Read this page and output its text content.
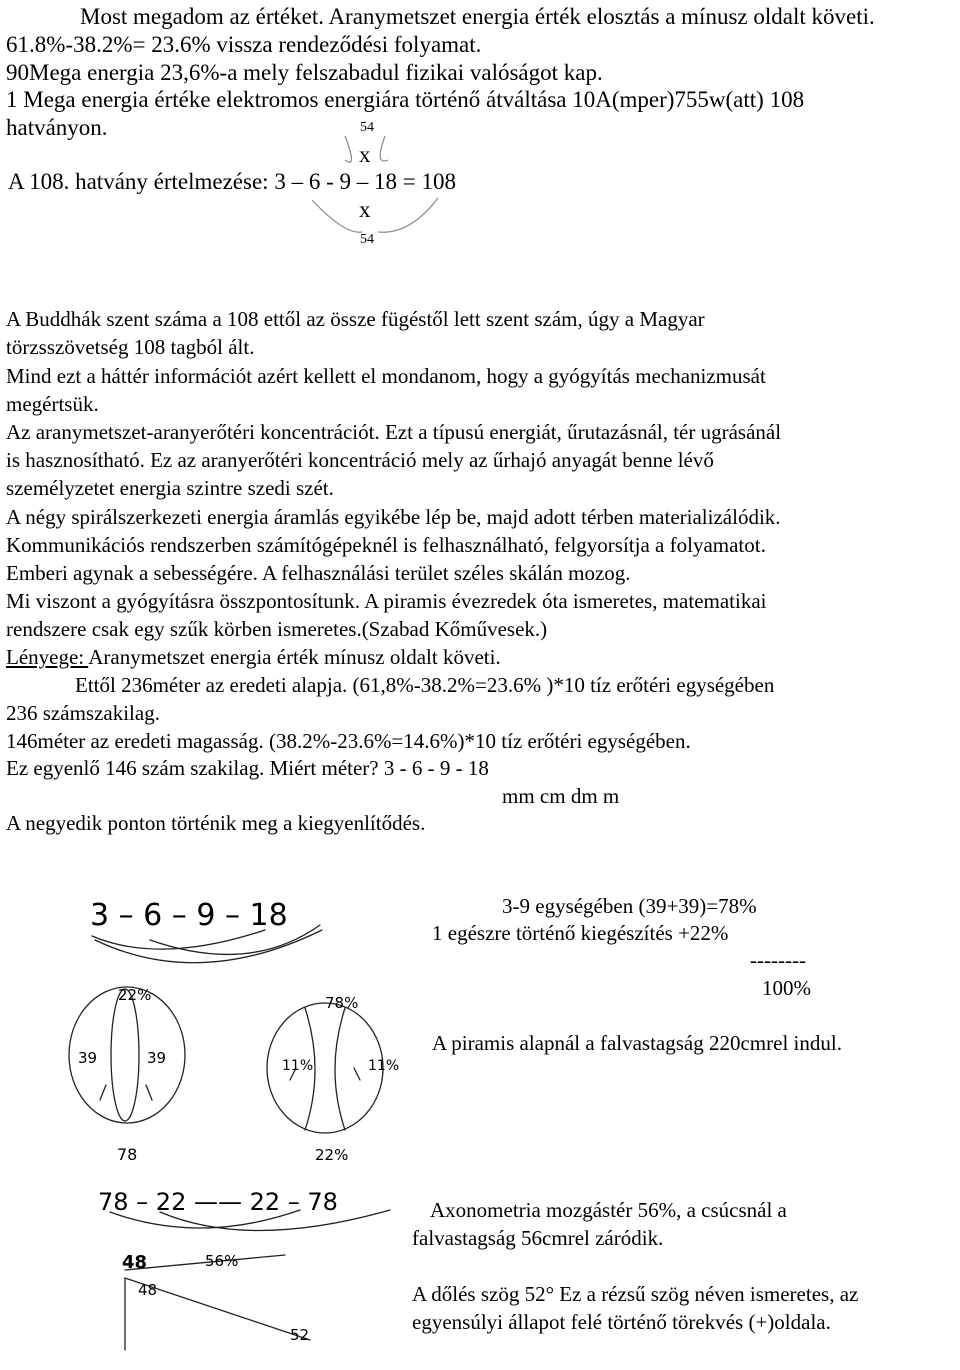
Most megadom az értéket. Aranymetszet energia érték elosztás a mínusz oldalt követi.
61.8%-38.2%= 23.6% vissza rendeződési folyamat.
90Mega energia 23,6%-a mely felszabadul fizikai valóságot kap.
1 Mega energia értéke elektromos energiára történő átváltása 10A(mper)755w(att) 108
hatványon.	54
x
A 108. hatvány értelmezése: 3 – 6 - 9 – 18 = 108
x
54
A Buddhák szent száma a 108 ettől az össze fügéstől lett szent szám, úgy a Magyar
törzsszövetség 108 tagból ált.
Mind ezt a háttér információt azért kellett el mondanom, hogy a gyógyítás mechanizmusát
megértsük.
Az aranymetszet-aranyerőtéri koncentrációt. Ezt a típusú energiát, űrutazásnál, tér ugrásánál
is hasznosítható. Ez az aranyerőtéri koncentráció mely az űrhajó anyagát benne lévő
személyzetet energia szintre szedi szét.
A négy spirálszerkezeti energia áramlás egyikébe lép be, majd adott térben materializálódik.
Kommunikációs rendszerben számítógépeknél is felhasználható, felgyorsítja a folyamatot.
Emberi agynak a sebességére. A felhasználási terület széles skálán mozog.
Mi viszont a gyógyításra összpontosítunk. A piramis évezredek óta ismeretes, matematikai
rendszere csak egy szűk körben ismeretes.(Szabad Kőművesek.)
Lényege: Aranymetszet energia érték mínusz oldalt követi.
Ettől 236méter az eredeti alapja. (61,8%-38.2%=23.6% )*10 tíz erőtéri egységében
236 számszakilag.
146méter az eredeti magasság. (38.2%-23.6%=14.6%)*10 tíz erőtéri egységében.
Ez egyenlő 146 szám szakilag. Miért méter? 3 - 6 - 9 - 18
mm cm dm m
A negyedik ponton történik meg a kiegyenlítődés.
3-9 egységében (39+39)=78%
1 egészre történő kiegészítés +22%
--------
100%
A piramis alapnál a falvastagság 220cmrel indul.
Axonometria mozgástér 56%, a csúcsnál a
falvastagság 56cmrel záródik.
A dőlés szög 52° Ez a rézsű szög néven ismeretes, az
egyensúlyi állapot felé történő törekvés (+)oldala.
3 – 6 – 9 – 18
22%
39	39
78
78%
11%	11%
22%
78 – 22 —— 22 – 78
48	56%
48
52
